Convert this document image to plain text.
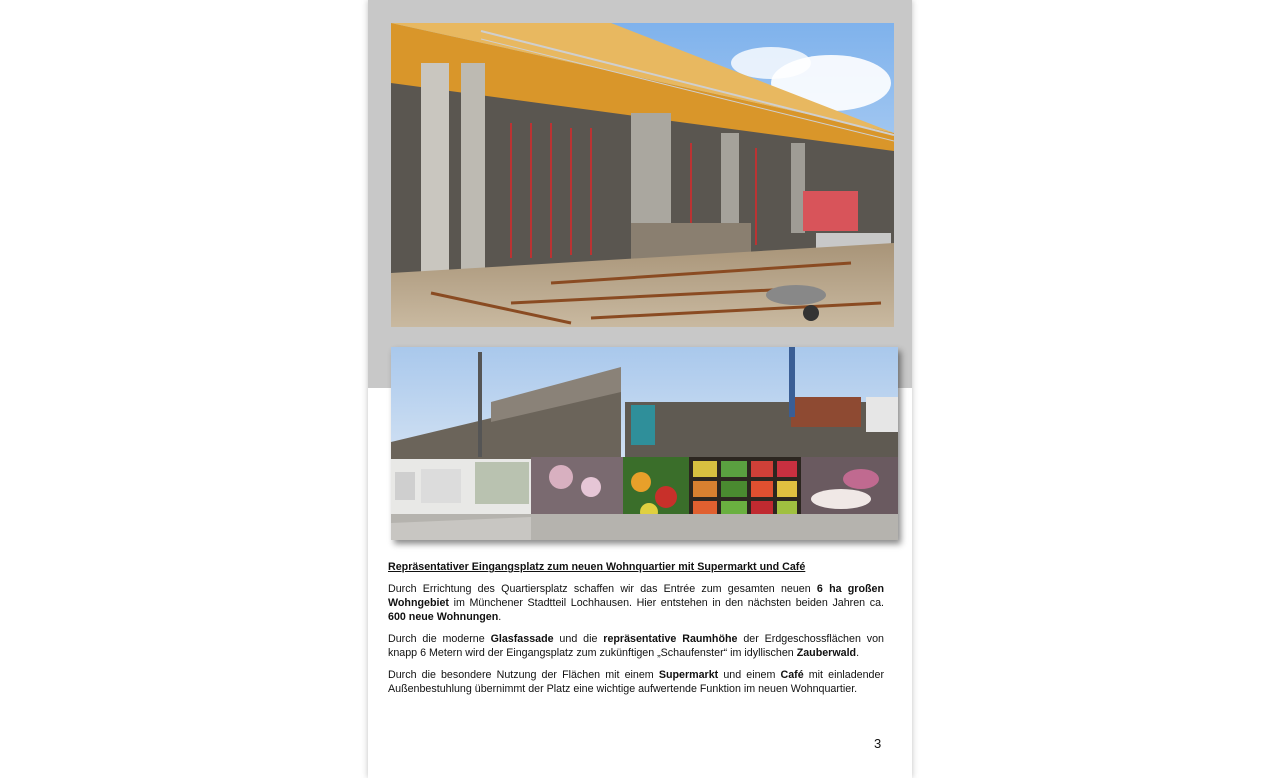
Repräsentativer Eingangsplatz zum neuen Wohnquartier mit Supermarkt und Café

Durch Errichtung des Quartiersplatz schaffen wir das Entrée zum gesamten neuen 6 ha großen Wohngebiet im Münchener Stadtteil Lochhausen. Hier entstehen in den nächsten beiden Jahren ca. 600 neue Wohnungen.

Durch die moderne Glasfassade und die repräsentative Raumhöhe der Erdgeschossflächen von knapp 6 Metern wird der Eingangsplatz zum zukünftigen „Schaufenster“ im idyllischen Zauberwald.

Durch die besondere Nutzung der Flächen mit einem Supermarkt und einem Café mit einladender Außenbestuhlung übernimmt der Platz eine wichtige aufwertende Funktion im neuen Wohnquartier.

3
